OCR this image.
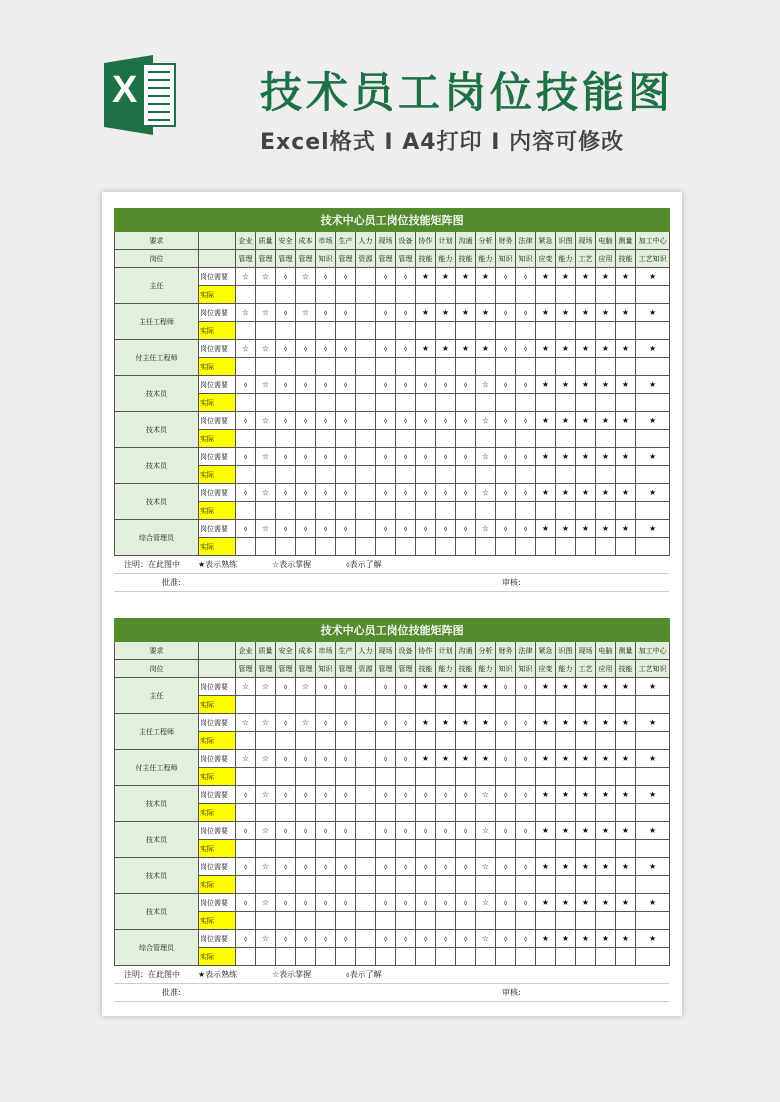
X	技术员工岗位技能图
Excel格式 I A4打印 I 内容可修改
技术中心员工岗位技能矩阵图																						
要求		企业	质量	安全	成本	市场	生产	人力	现场	设备	协作	计划	沟通	分析	财务	法律	紧急	识图	现场	电脑	测量	加工中心
岗位		管理	管理	管理	管理	知识	管理	资源	管理	管理	技能	能力	技能	能力	知识	知识	应变	能力	工艺	应用	技能	工艺知识
主任	岗位需要	☆	☆	⬨	☆	⬨	⬨		⬨	⬨	★	★	★	★	⬨	⬨	★	★	★	★	★	★
	实际																					
主任工程师	岗位需要	☆	☆	⬨	☆	⬨	⬨		⬨	⬨	★	★	★	★	⬨	⬨	★	★	★	★	★	★
	实际																					
付主任工程师	岗位需要	☆	☆	⬨	⬨	⬨	⬨		⬨	⬨	★	★	★	★	⬨	⬨	★	★	★	★	★	★
	实际																					
技术员	岗位需要	⬨	☆	⬨	⬨	⬨	⬨		⬨	⬨	⬨	⬨	⬨	☆	⬨	⬨	★	★	★	★	★	★
	实际																					
技术员	岗位需要	⬨	☆	⬨	⬨	⬨	⬨		⬨	⬨	⬨	⬨	⬨	☆	⬨	⬨	★	★	★	★	★	★
	实际																					
技术员	岗位需要	⬨	☆	⬨	⬨	⬨	⬨		⬨	⬨	⬨	⬨	⬨	☆	⬨	⬨	★	★	★	★	★	★
	实际																					
技术员	岗位需要	⬨	☆	⬨	⬨	⬨	⬨		⬨	⬨	⬨	⬨	⬨	☆	⬨	⬨	★	★	★	★	★	★
	实际																					
综合管理员	岗位需要	⬨	☆	⬨	⬨	⬨	⬨		⬨	⬨	⬨	⬨	⬨	☆	⬨	⬨	★	★	★	★	★	★
	实际																					
注明：在此图中 ★表示熟练	☆表示掌握	⬨表示了解
批准:	审核:
技术中心员工岗位技能矩阵图																						
要求		企业	质量	安全	成本	市场	生产	人力	现场	设备	协作	计划	沟通	分析	财务	法律	紧急	识图	现场	电脑	测量	加工中心
岗位		管理	管理	管理	管理	知识	管理	资源	管理	管理	技能	能力	技能	能力	知识	知识	应变	能力	工艺	应用	技能	工艺知识
主任	岗位需要	☆	☆	⬨	☆	⬨	⬨		⬨	⬨	★	★	★	★	⬨	⬨	★	★	★	★	★	★
	实际																					
主任工程师	岗位需要	☆	☆	⬨	☆	⬨	⬨		⬨	⬨	★	★	★	★	⬨	⬨	★	★	★	★	★	★
	实际																					
付主任工程师	岗位需要	☆	☆	⬨	⬨	⬨	⬨		⬨	⬨	★	★	★	★	⬨	⬨	★	★	★	★	★	★
	实际																					
技术员	岗位需要	⬨	☆	⬨	⬨	⬨	⬨		⬨	⬨	⬨	⬨	⬨	☆	⬨	⬨	★	★	★	★	★	★
	实际																					
技术员	岗位需要	⬨	☆	⬨	⬨	⬨	⬨		⬨	⬨	⬨	⬨	⬨	☆	⬨	⬨	★	★	★	★	★	★
	实际																					
技术员	岗位需要	⬨	☆	⬨	⬨	⬨	⬨		⬨	⬨	⬨	⬨	⬨	☆	⬨	⬨	★	★	★	★	★	★
	实际																					
技术员	岗位需要	⬨	☆	⬨	⬨	⬨	⬨		⬨	⬨	⬨	⬨	⬨	☆	⬨	⬨	★	★	★	★	★	★
	实际																					
综合管理员	岗位需要	⬨	☆	⬨	⬨	⬨	⬨		⬨	⬨	⬨	⬨	⬨	☆	⬨	⬨	★	★	★	★	★	★
	实际																					
注明：在此图中 ★表示熟练	☆表示掌握	⬨表示了解
批准:	审核:
